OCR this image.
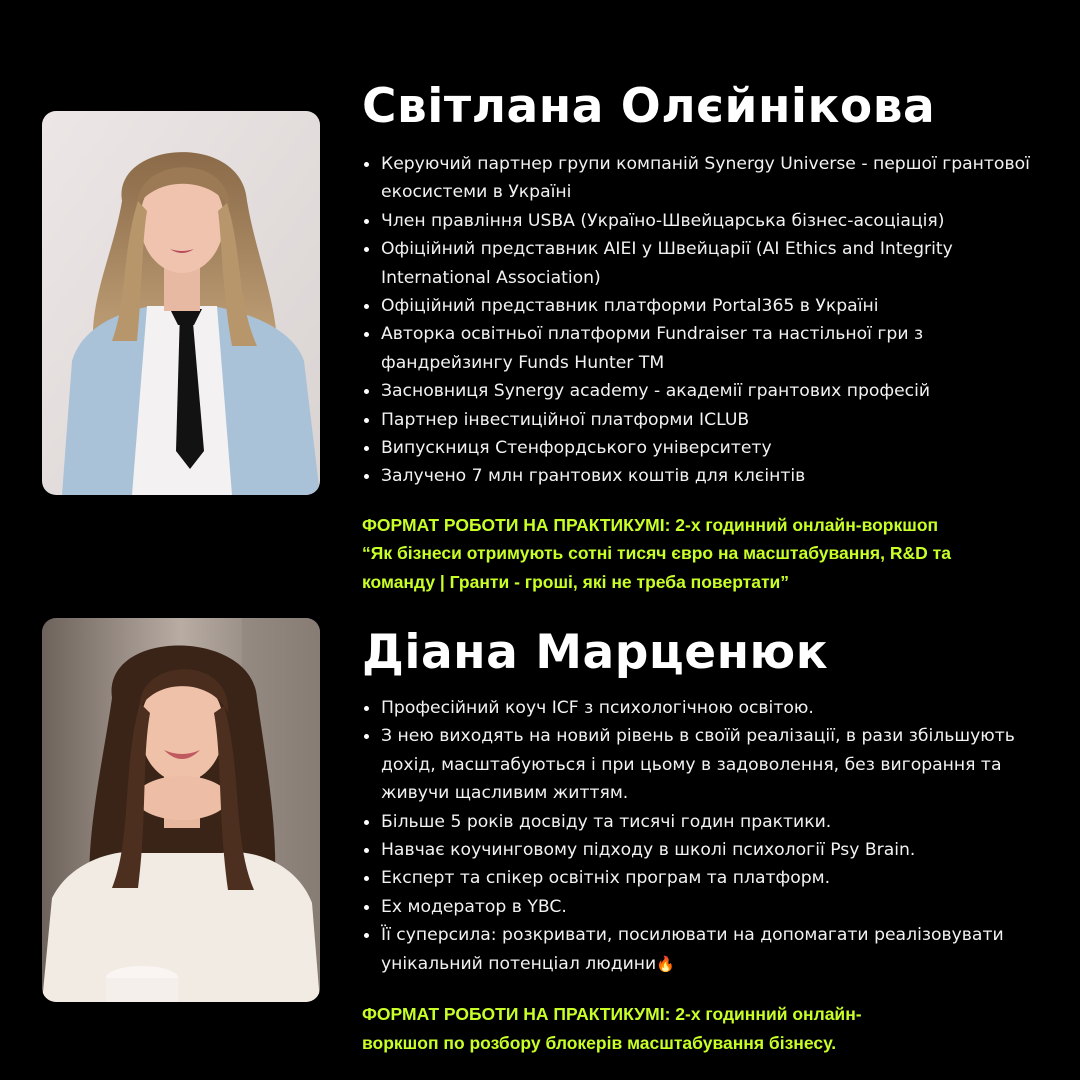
Світлана Олєйнікова
Керуючий партнер групи компаній Synergy Universe - першої грантової екосистеми в Україні
Член правління USBA (Україно-Швейцарська бізнес-асоціація)
Офіційний представник AIEI у Швейцарії (AI Ethics and Integrity International Association)
Офіційний представник платформи Portal365 в Україні
Авторка освітньої платформи Fundraiser та настільної гри з фандрейзингу Funds Hunter TM
Засновниця Synergy academy - академії грантових професій
Партнер інвестиційної платформи ICLUB
Випускниця Стенфордського університету
Залучено 7 млн грантових коштів для клєінтів
ФОРМАТ РОБОТИ НА ПРАКТИКУМІ: 2-х годинний онлайн-воркшоп
“Як бізнеси отримують сотні тисяч євро на масштабування, R&D та
команду | Гранти - гроші, які не треба повертати”
Діана Марценюк
Професійний коуч ICF з психологічною освітою.
З нею виходять на новий рівень в своїй реалізації, в рази збільшують дохід, масштабуються і при цьому в задоволення, без вигорання та живучи щасливим життям.
Більше 5 років досвіду та тисячі годин практики.
Навчає коучинговому підходу в школі психології Psy Brain.
Експерт та спікер освітніх програм та платформ.
Ex модератор в YBC.
Її суперсила: розкривати, посилювати на допомагати реалізовувати унікальний потенціал людини🔥
ФОРМАТ РОБОТИ НА ПРАКТИКУМІ: 2-х годинний онлайн-
воркшоп по розбору блокерів масштабування бізнесу.
